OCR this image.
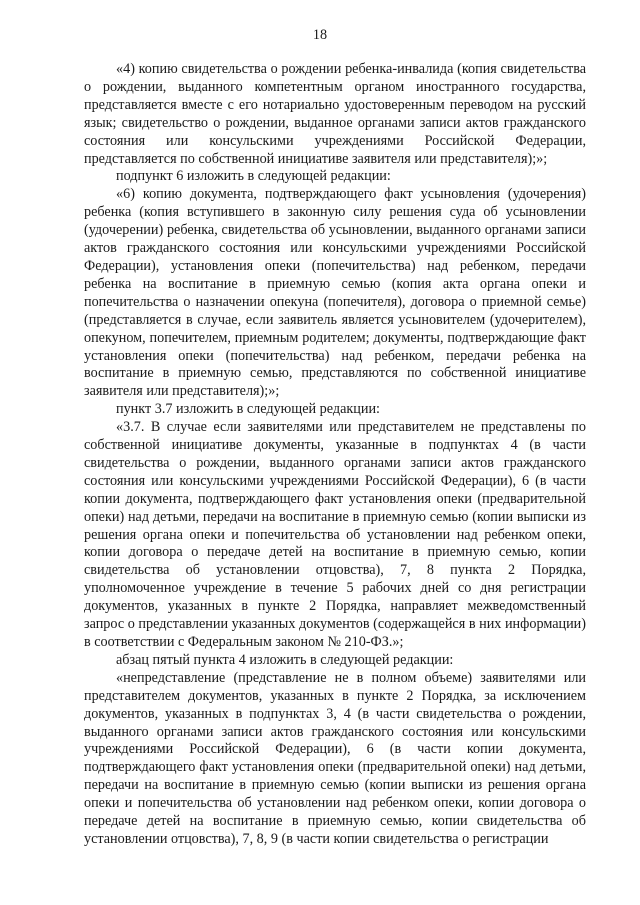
18

«4) копию свидетельства о рождении ребенка-инвалида (копия свидетельства о рождении, выданного компетентным органом иностранного государства, представляется вместе с его нотариально удостоверенным переводом на русский язык; свидетельство о рождении, выданное органами записи актов гражданского состояния или консульскими учреждениями Российской Федерации, представляется по собственной инициативе заявителя или представителя);»;

подпункт 6 изложить в следующей редакции:

«6) копию документа, подтверждающего факт усыновления (удочерения) ребенка (копия вступившего в законную силу решения суда об усыновлении (удочерении) ребенка, свидетельства об усыновлении, выданного органами записи актов гражданского состояния или консульскими учреждениями Российской Федерации), установления опеки (попечительства) над ребенком, передачи ребенка на воспитание в приемную семью (копия акта органа опеки и попечительства о назначении опекуна (попечителя), договора о приемной семье) (представляется в случае, если заявитель является усыновителем (удочерителем), опекуном, попечителем, приемным родителем; документы, подтверждающие факт установления опеки (попечительства) над ребенком, передачи ребенка на воспитание в приемную семью, представляются по собственной инициативе заявителя или представителя);»;

пункт 3.7 изложить в следующей редакции:

«3.7. В случае если заявителями или представителем не представлены по собственной инициативе документы, указанные в подпунктах 4 (в части свидетельства о рождении, выданного органами записи актов гражданского состояния или консульскими учреждениями Российской Федерации), 6 (в части копии документа, подтверждающего факт установления опеки (предварительной опеки) над детьми, передачи на воспитание в приемную семью (копии выписки из решения органа опеки и попечительства об установлении над ребенком опеки, копии договора о передаче детей на воспитание в приемную семью, копии свидетельства об установлении отцовства), 7, 8 пункта 2 Порядка, уполномоченное учреждение в течение 5 рабочих дней со дня регистрации документов, указанных в пункте 2 Порядка, направляет межведомственный запрос о представлении указанных документов (содержащейся в них информации) в соответствии с Федеральным законом № 210-ФЗ.»;

абзац пятый пункта 4 изложить в следующей редакции:

«непредставление (представление не в полном объеме) заявителями или представителем документов, указанных в пункте 2 Порядка, за исключением документов, указанных в подпунктах 3, 4 (в части свидетельства о рождении, выданного органами записи актов гражданского состояния или консульскими учреждениями Российской Федерации), 6 (в части копии документа, подтверждающего факт установления опеки (предварительной опеки) над детьми, передачи на воспитание в приемную семью (копии выписки из решения органа опеки и попечительства об установлении над ребенком опеки, копии договора о передаче детей на воспитание в приемную семью, копии свидетельства об установлении отцовства), 7, 8, 9 (в части копии свидетельства о регистрации
